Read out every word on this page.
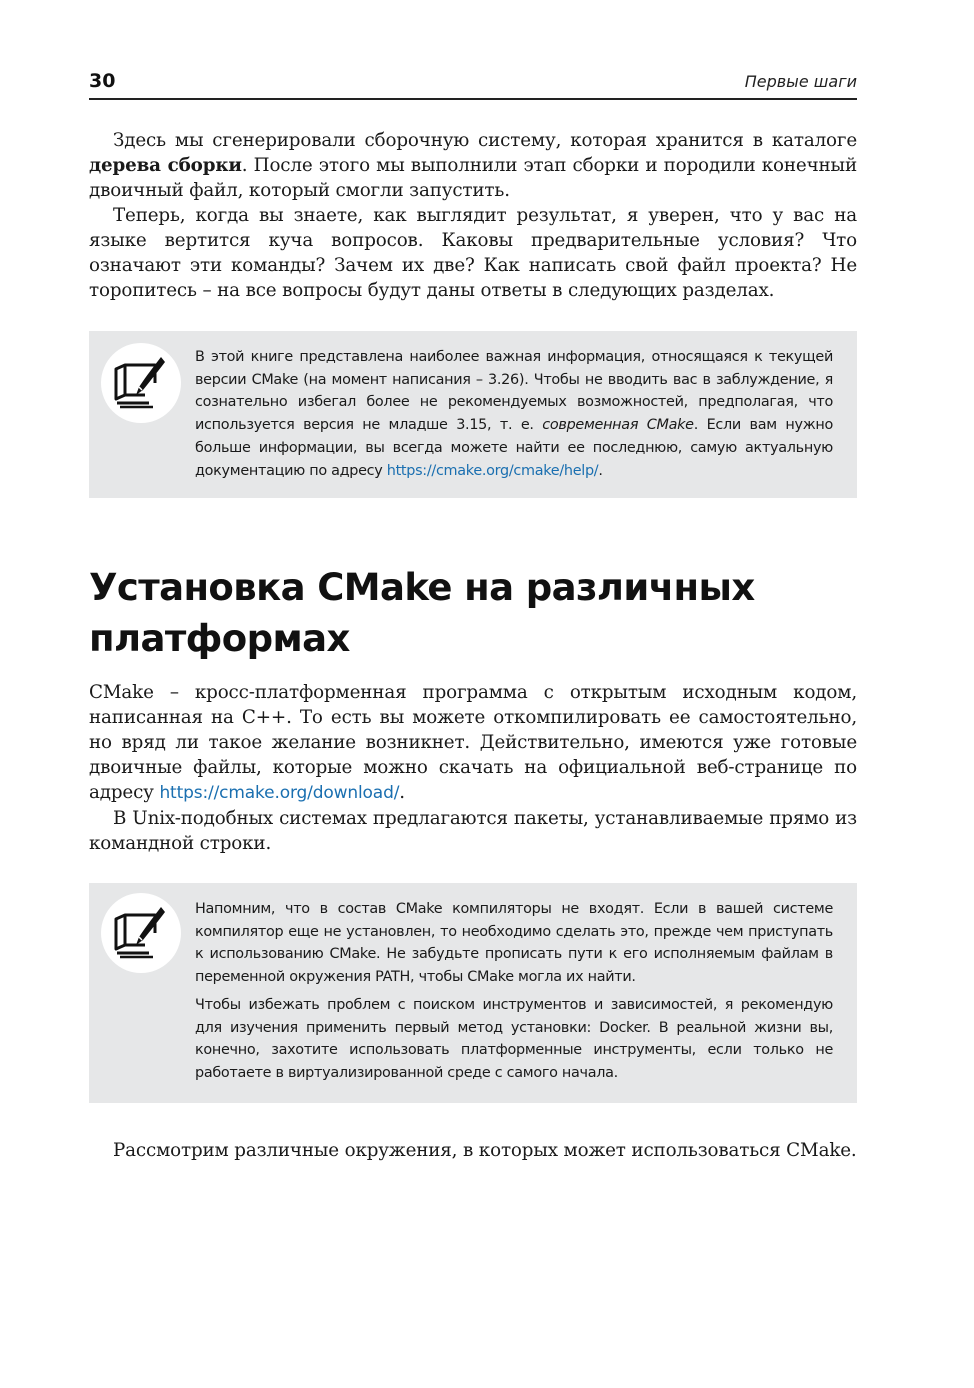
30	Первые шаги

Здесь мы сгенерировали сборочную систему, которая хранится в каталоге дерева сборки. После этого мы выполнили этап сборки и породили конечный двоичный файл, который смогли запустить.

Теперь, когда вы знаете, как выглядит результат, я уверен, что у вас на языке вертится куча вопросов. Каковы предварительные условия? Что означают эти команды? Зачем их две? Как написать свой файл проекта? Не торопитесь – на все вопросы будут даны ответы в следующих разделах.

В этой книге представлена наиболее важная информация, относящаяся к текущей версии CMake (на момент написания – 3.26). Чтобы не вводить вас в заблуждение, я сознательно избегал более не рекомендуемых возможностей, предполагая, что используется версия не младше 3.15, т. е. современная CMake. Если вам нужно больше информации, вы всегда можете найти ее последнюю, самую актуальную документацию по адресу https://cmake.org/cmake/help/.

Установка CMake на различных платформах

CMake – кросс-платформенная программа с открытым исходным кодом, написанная на C++. То есть вы можете откомпилировать ее самостоятельно, но вряд ли такое желание возникнет. Действительно, имеются уже готовые двоичные файлы, которые можно скачать на официальной веб-странице по адресу https://cmake.org/download/.

В Unix-подобных системах предлагаются пакеты, устанавливаемые прямо из командной строки.

Напомним, что в состав CMake компиляторы не входят. Если в вашей системе компилятор еще не установлен, то необходимо сделать это, прежде чем приступать к использованию CMake. Не забудьте прописать пути к его исполняемым файлам в переменной окружения PATH, чтобы CMake могла их найти.

Чтобы избежать проблем с поиском инструментов и зависимостей, я рекомендую для изучения применить первый метод установки: Docker. В реальной жизни вы, конечно, захотите использовать платформенные инструменты, если только не работаете в виртуализированной среде с самого начала.

Рассмотрим различные окружения, в которых может использоваться CMake.
